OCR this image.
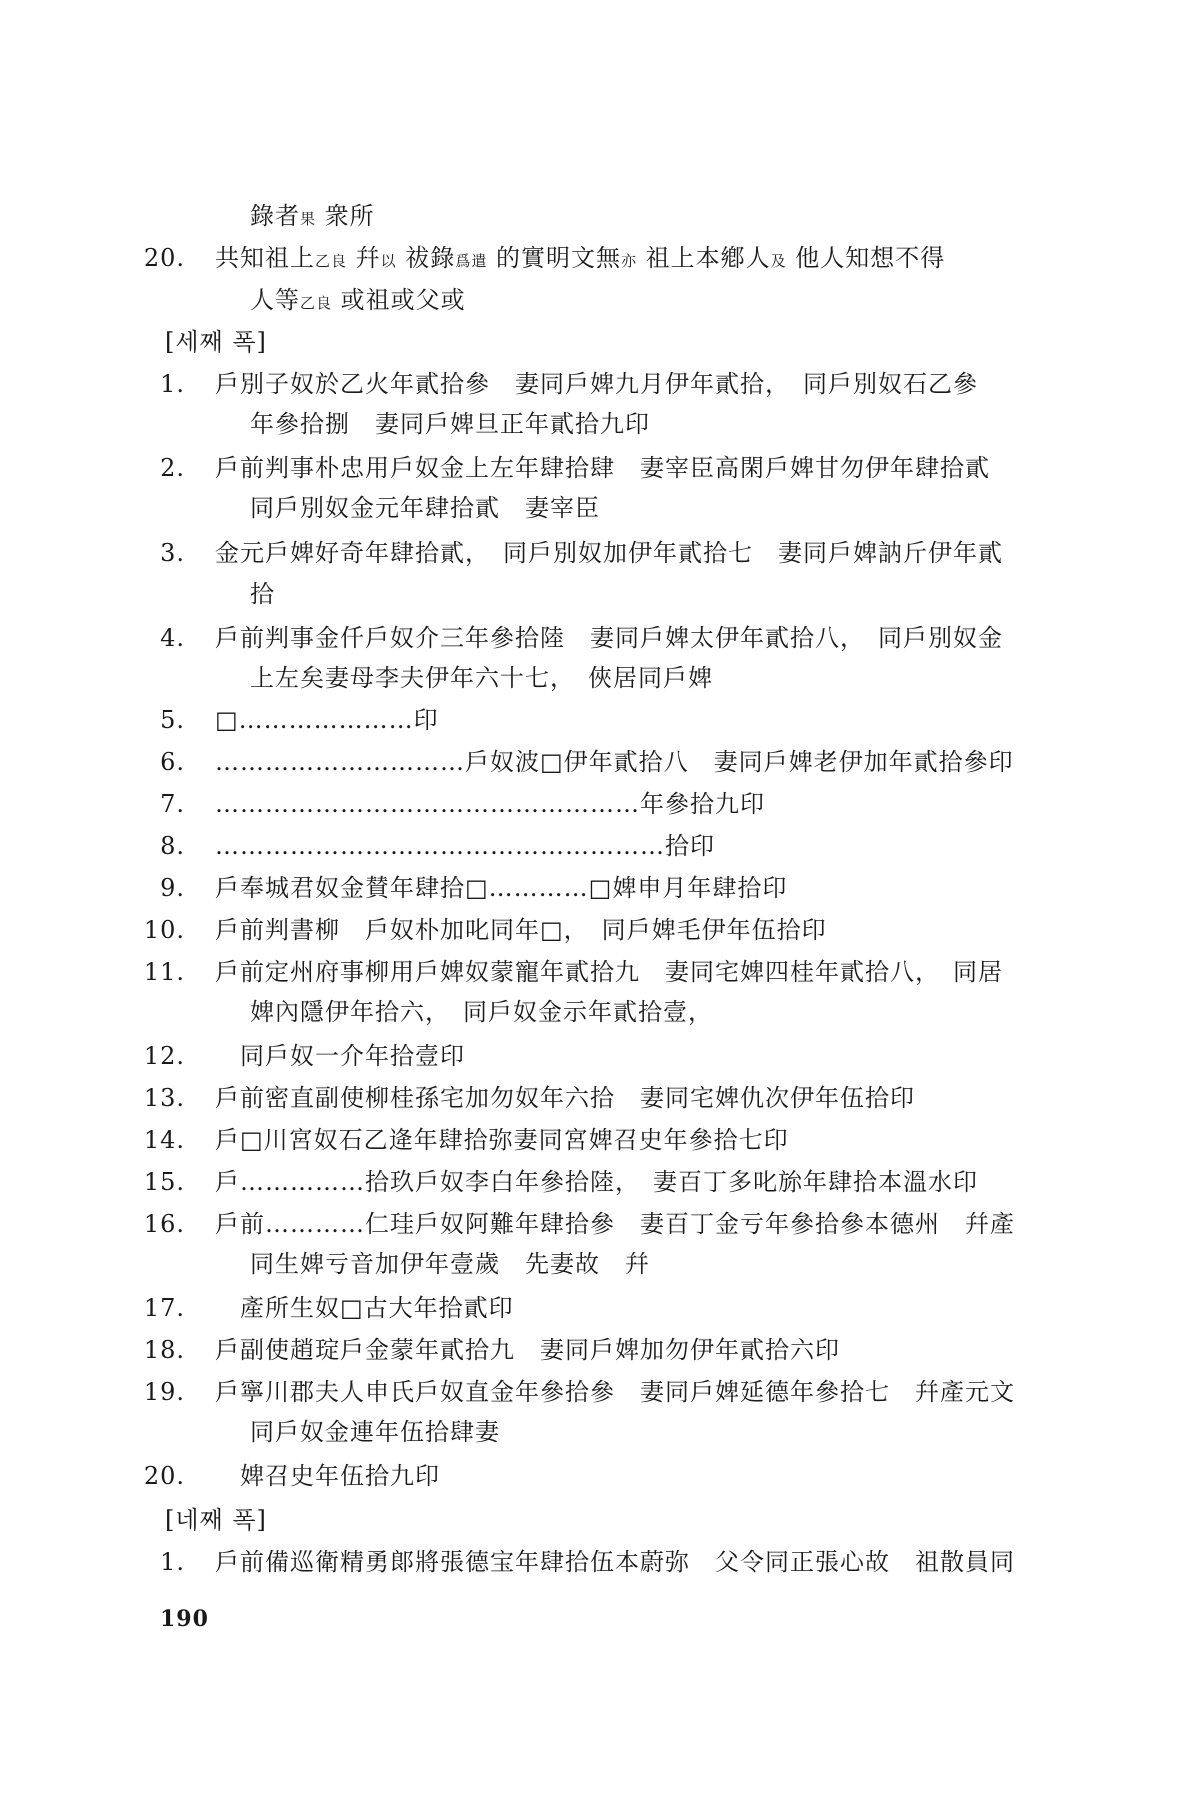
錄者果 衆所
20. 共知祖上乙良 幷以 祓錄爲遣 的實明文無亦 祖上本鄕人及 他人知想不得
人等乙良 或祖或父或
[세째 폭]
1. 戶別子奴於乙火年貳拾參　妻同戶婢九月伊年貳拾，　同戶別奴石乙參
年參拾捌　妻同戶婢旦正年貳拾九印
2. 戶前判事朴忠用戶奴金上左年肆拾肆　妻宰臣高閑戶婢甘勿伊年肆拾貳
同戶別奴金元年肆拾貳　妻宰臣
3. 金元戶婢好奇年肆拾貳，　同戶別奴加伊年貳拾七　妻同戶婢訥斤伊年貳
拾
4. 戶前判事金仟戶奴介三年參拾陸　妻同戶婢太伊年貳拾八，　同戶別奴金
上左矣妻母李夫伊年六十七，　俠居同戶婢
5. □…………………印
6. …………………………戶奴波□伊年貳拾八　妻同戶婢老伊加年貳拾參印
7. ……………………………………………年參拾九印
8. ………………………………………………拾印
9. 戶奉城君奴金賛年肆拾□…………□婢申月年肆拾印
10. 戶前判書柳　戶奴朴加叱同年□，　同戶婢毛伊年伍拾印
11. 戶前定州府事柳用戶婢奴蒙寵年貳拾九　妻同宅婢四桂年貳拾八，　同居
婢內隱伊年拾六，　同戶奴金示年貳拾壹，
12. 　同戶奴一介年拾壹印
13. 戶前密直副使柳桂孫宅加勿奴年六拾　妻同宅婢仇次伊年伍拾印
14. 戶□川宮奴石乙逄年肆拾弥妻同宮婢召史年參拾七印
15. 戶……………拾玖戶奴李白年參拾陸，　妻百丁多叱旀年肆拾本溫水印
16. 戶前…………仁珪戶奴阿難年肆拾參　妻百丁金亏年參拾參本德州　幷產
同生婢亏音加伊年壹歲　先妻故　幷
17. 　產所生奴□古大年拾貳印
18. 戶副使趙琔戶金蒙年貳拾九　妻同戶婢加勿伊年貳拾六印
19. 戶寧川郡夫人申氏戶奴直金年參拾參　妻同戶婢延德年參拾七　幷產元文
同戶奴金連年伍拾肆妻
20. 　婢召史年伍拾九印
[네째 폭]
1. 戶前備巡衛精勇郞將張德宝年肆拾伍本蔚弥　父令同正張心故　祖散員同
190
